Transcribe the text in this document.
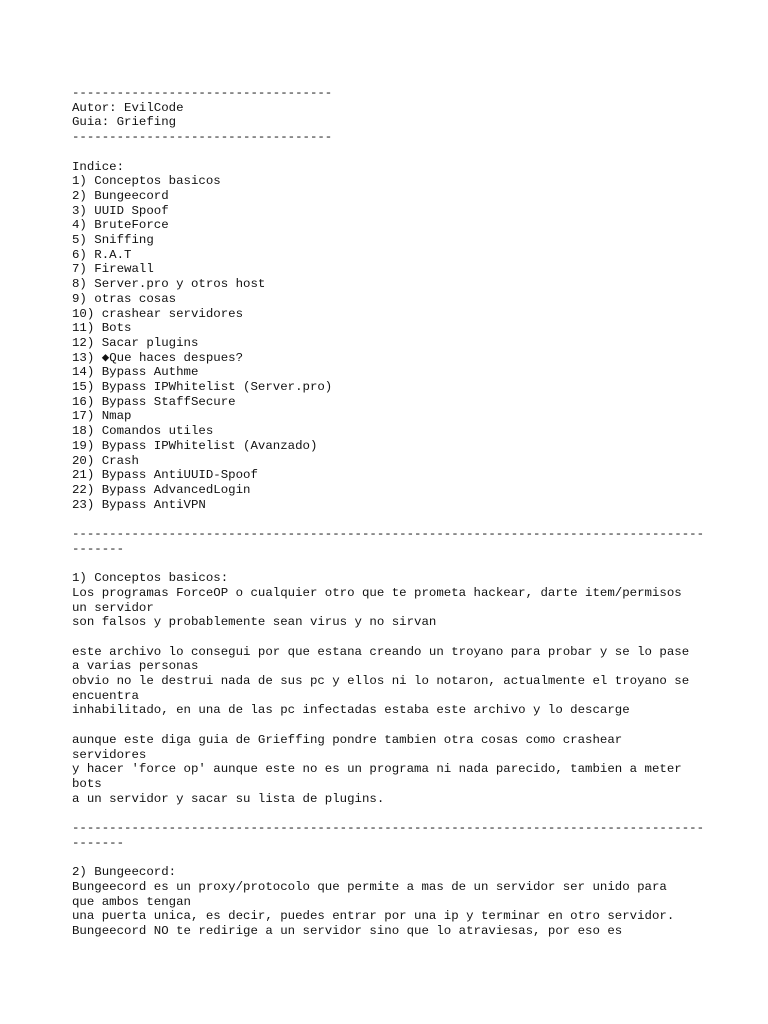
-----------------------------------
Autor: EvilCode
Guia: Griefing
-----------------------------------
Indice:
1) Conceptos basicos
2) Bungeecord
3) UUID Spoof
4) BruteForce
5) Sniffing
6) R.A.T
7) Firewall
8) Server.pro y otros host
9) otras cosas
10) crashear servidores
11) Bots
12) Sacar plugins
13) ◆Que haces despues?
14) Bypass Authme
15) Bypass IPWhitelist (Server.pro)
16) Bypass StaffSecure
17) Nmap
18) Comandos utiles
19) Bypass IPWhitelist (Avanzado)
20) Crash
21) Bypass AntiUUID-Spoof
22) Bypass AdvancedLogin
23) Bypass AntiVPN
-------------------------------------------------------------------------------------
-------
1) Conceptos basicos:
Los programas ForceOP o cualquier otro que te prometa hackear, darte item/permisos
un servidor
son falsos y probablemente sean virus y no sirvan
este archivo lo consegui por que estana creando un troyano para probar y se lo pase
a varias personas
obvio no le destrui nada de sus pc y ellos ni lo notaron, actualmente el troyano se
encuentra
inhabilitado, en una de las pc infectadas estaba este archivo y lo descarge
aunque este diga guia de Grieffing pondre tambien otra cosas como crashear
servidores
y hacer 'force op' aunque este no es un programa ni nada parecido, tambien a meter
bots
a un servidor y sacar su lista de plugins.
-------------------------------------------------------------------------------------
-------
2) Bungeecord:
Bungeecord es un proxy/protocolo que permite a mas de un servidor ser unido para
que ambos tengan
una puerta unica, es decir, puedes entrar por una ip y terminar en otro servidor.
Bungeecord NO te redirige a un servidor sino que lo atraviesas, por eso es
